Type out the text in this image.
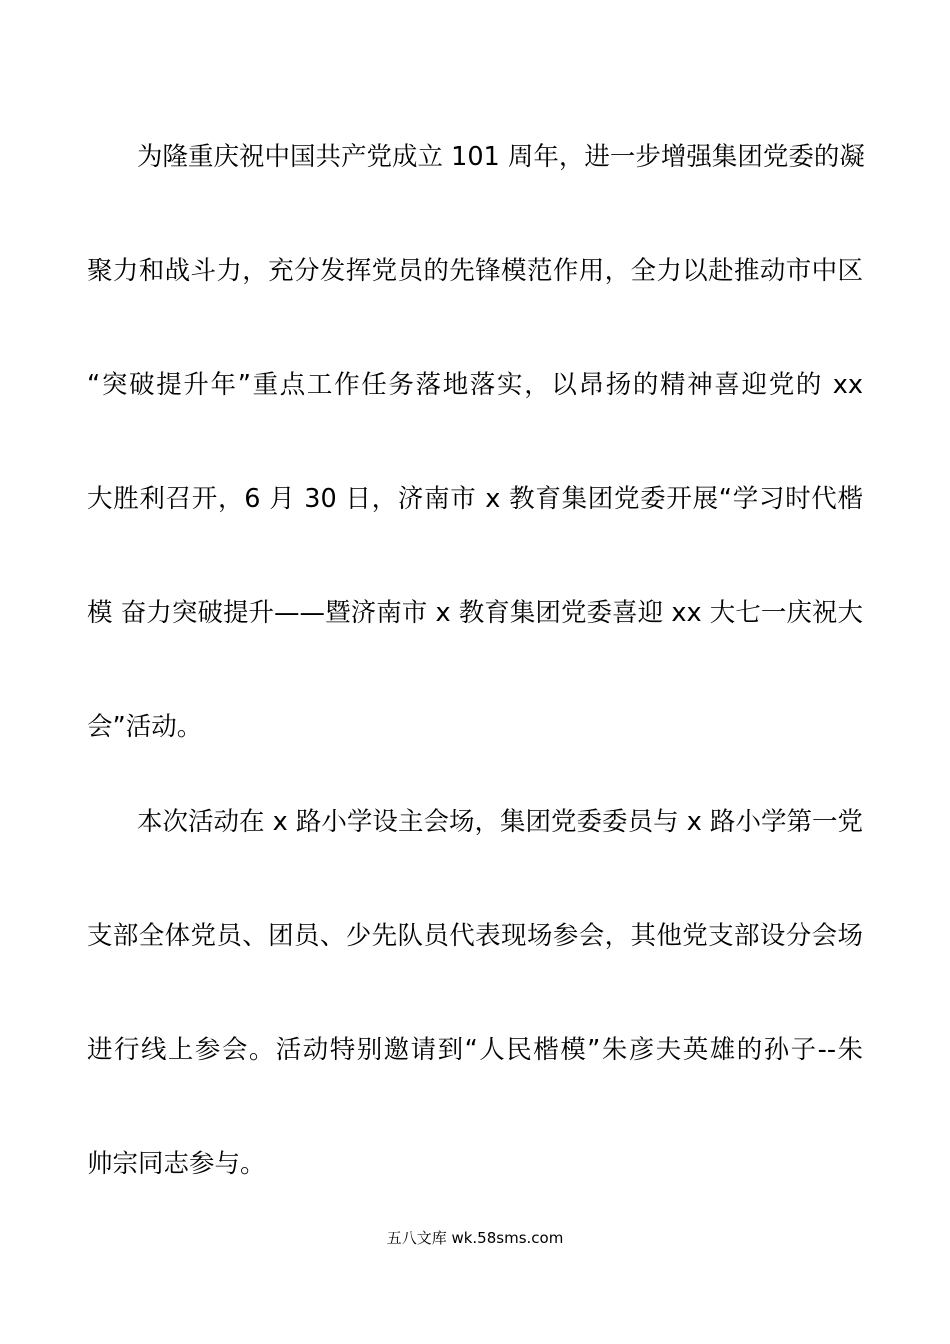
为隆重庆祝中国共产党成立 101 周年，进一步增强集团党委的凝
聚力和战斗力，充分发挥党员的先锋模范作用，全力以赴推动市中区
“突破提升年”重点工作任务落地落实，以昂扬的精神喜迎党的 xx
大胜利召开，6 月 30 日，济南市 x 教育集团党委开展“学习时代楷
模 奋力突破提升——暨济南市 x 教育集团党委喜迎 xx 大七一庆祝大
会”活动。
本次活动在 x 路小学设主会场，集团党委委员与 x 路小学第一党
支部全体党员、团员、少先队员代表现场参会，其他党支部设分会场
进行线上参会。活动特别邀请到“人民楷模”朱彦夫英雄的孙子--朱
帅宗同志参与。
五八文库 wk.58sms.com
